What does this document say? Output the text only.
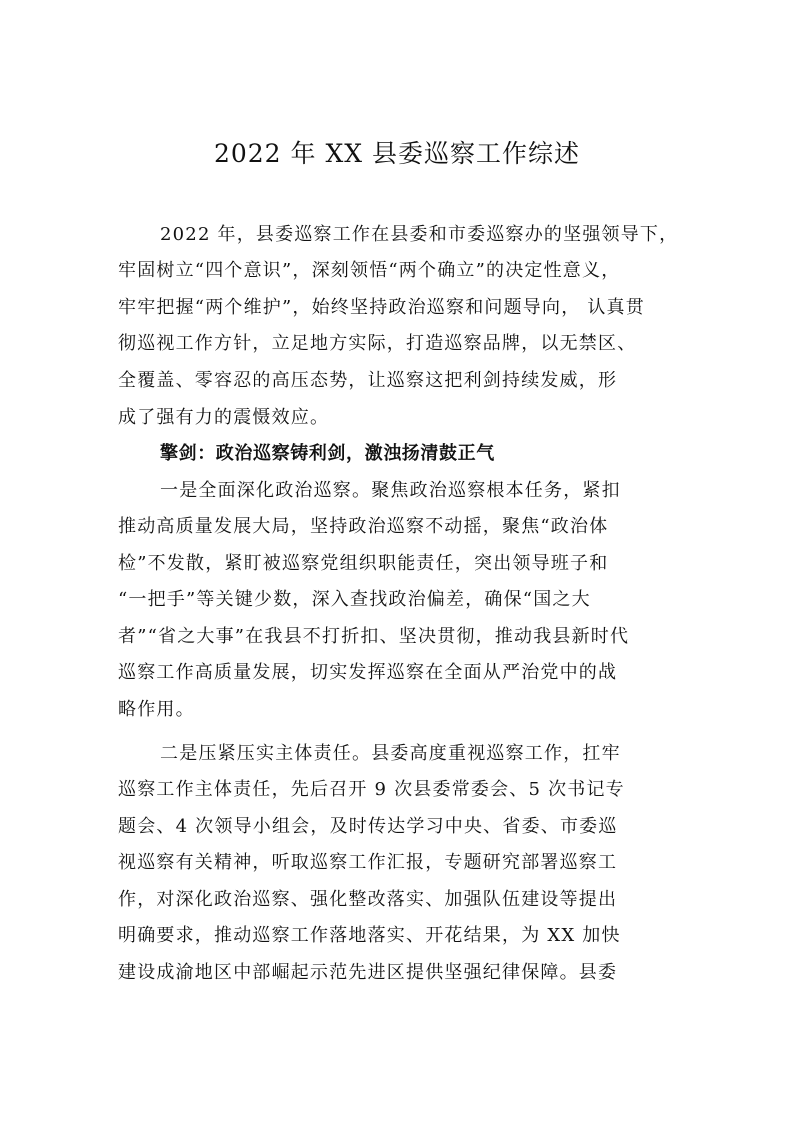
2022 年 XX 县委巡察工作综述
2022 年，县委巡察工作在县委和市委巡察办的坚强领导下，
牢固树立“四个意识”，深刻领悟“两个确立”的决定性意义，
牢牢把握“两个维护”，始终坚持政治巡察和问题导向， 认真贯
彻巡视工作方针，立足地方实际，打造巡察品牌，以无禁区、
全覆盖、零容忍的高压态势，让巡察这把利剑持续发威，形
成了强有力的震慑效应。
擎剑：政治巡察铸利剑，激浊扬清鼓正气
一是全面深化政治巡察。聚焦政治巡察根本任务，紧扣
推动高质量发展大局，坚持政治巡察不动摇，聚焦“政治体
检”不发散，紧盯被巡察党组织职能责任，突出领导班子和
“一把手”等关键少数，深入查找政治偏差，确保“国之大
者”“省之大事”在我县不打折扣、坚决贯彻，推动我县新时代
巡察工作高质量发展，切实发挥巡察在全面从严治党中的战
略作用。
二是压紧压实主体责任。县委高度重视巡察工作，扛牢
巡察工作主体责任，先后召开 9 次县委常委会、5 次书记专
题会、4 次领导小组会，及时传达学习中央、省委、市委巡
视巡察有关精神，听取巡察工作汇报，专题研究部署巡察工
作，对深化政治巡察、强化整改落实、加强队伍建设等提出
明确要求，推动巡察工作落地落实、开花结果，为 XX 加快
建设成渝地区中部崛起示范先进区提供坚强纪律保障。县委
